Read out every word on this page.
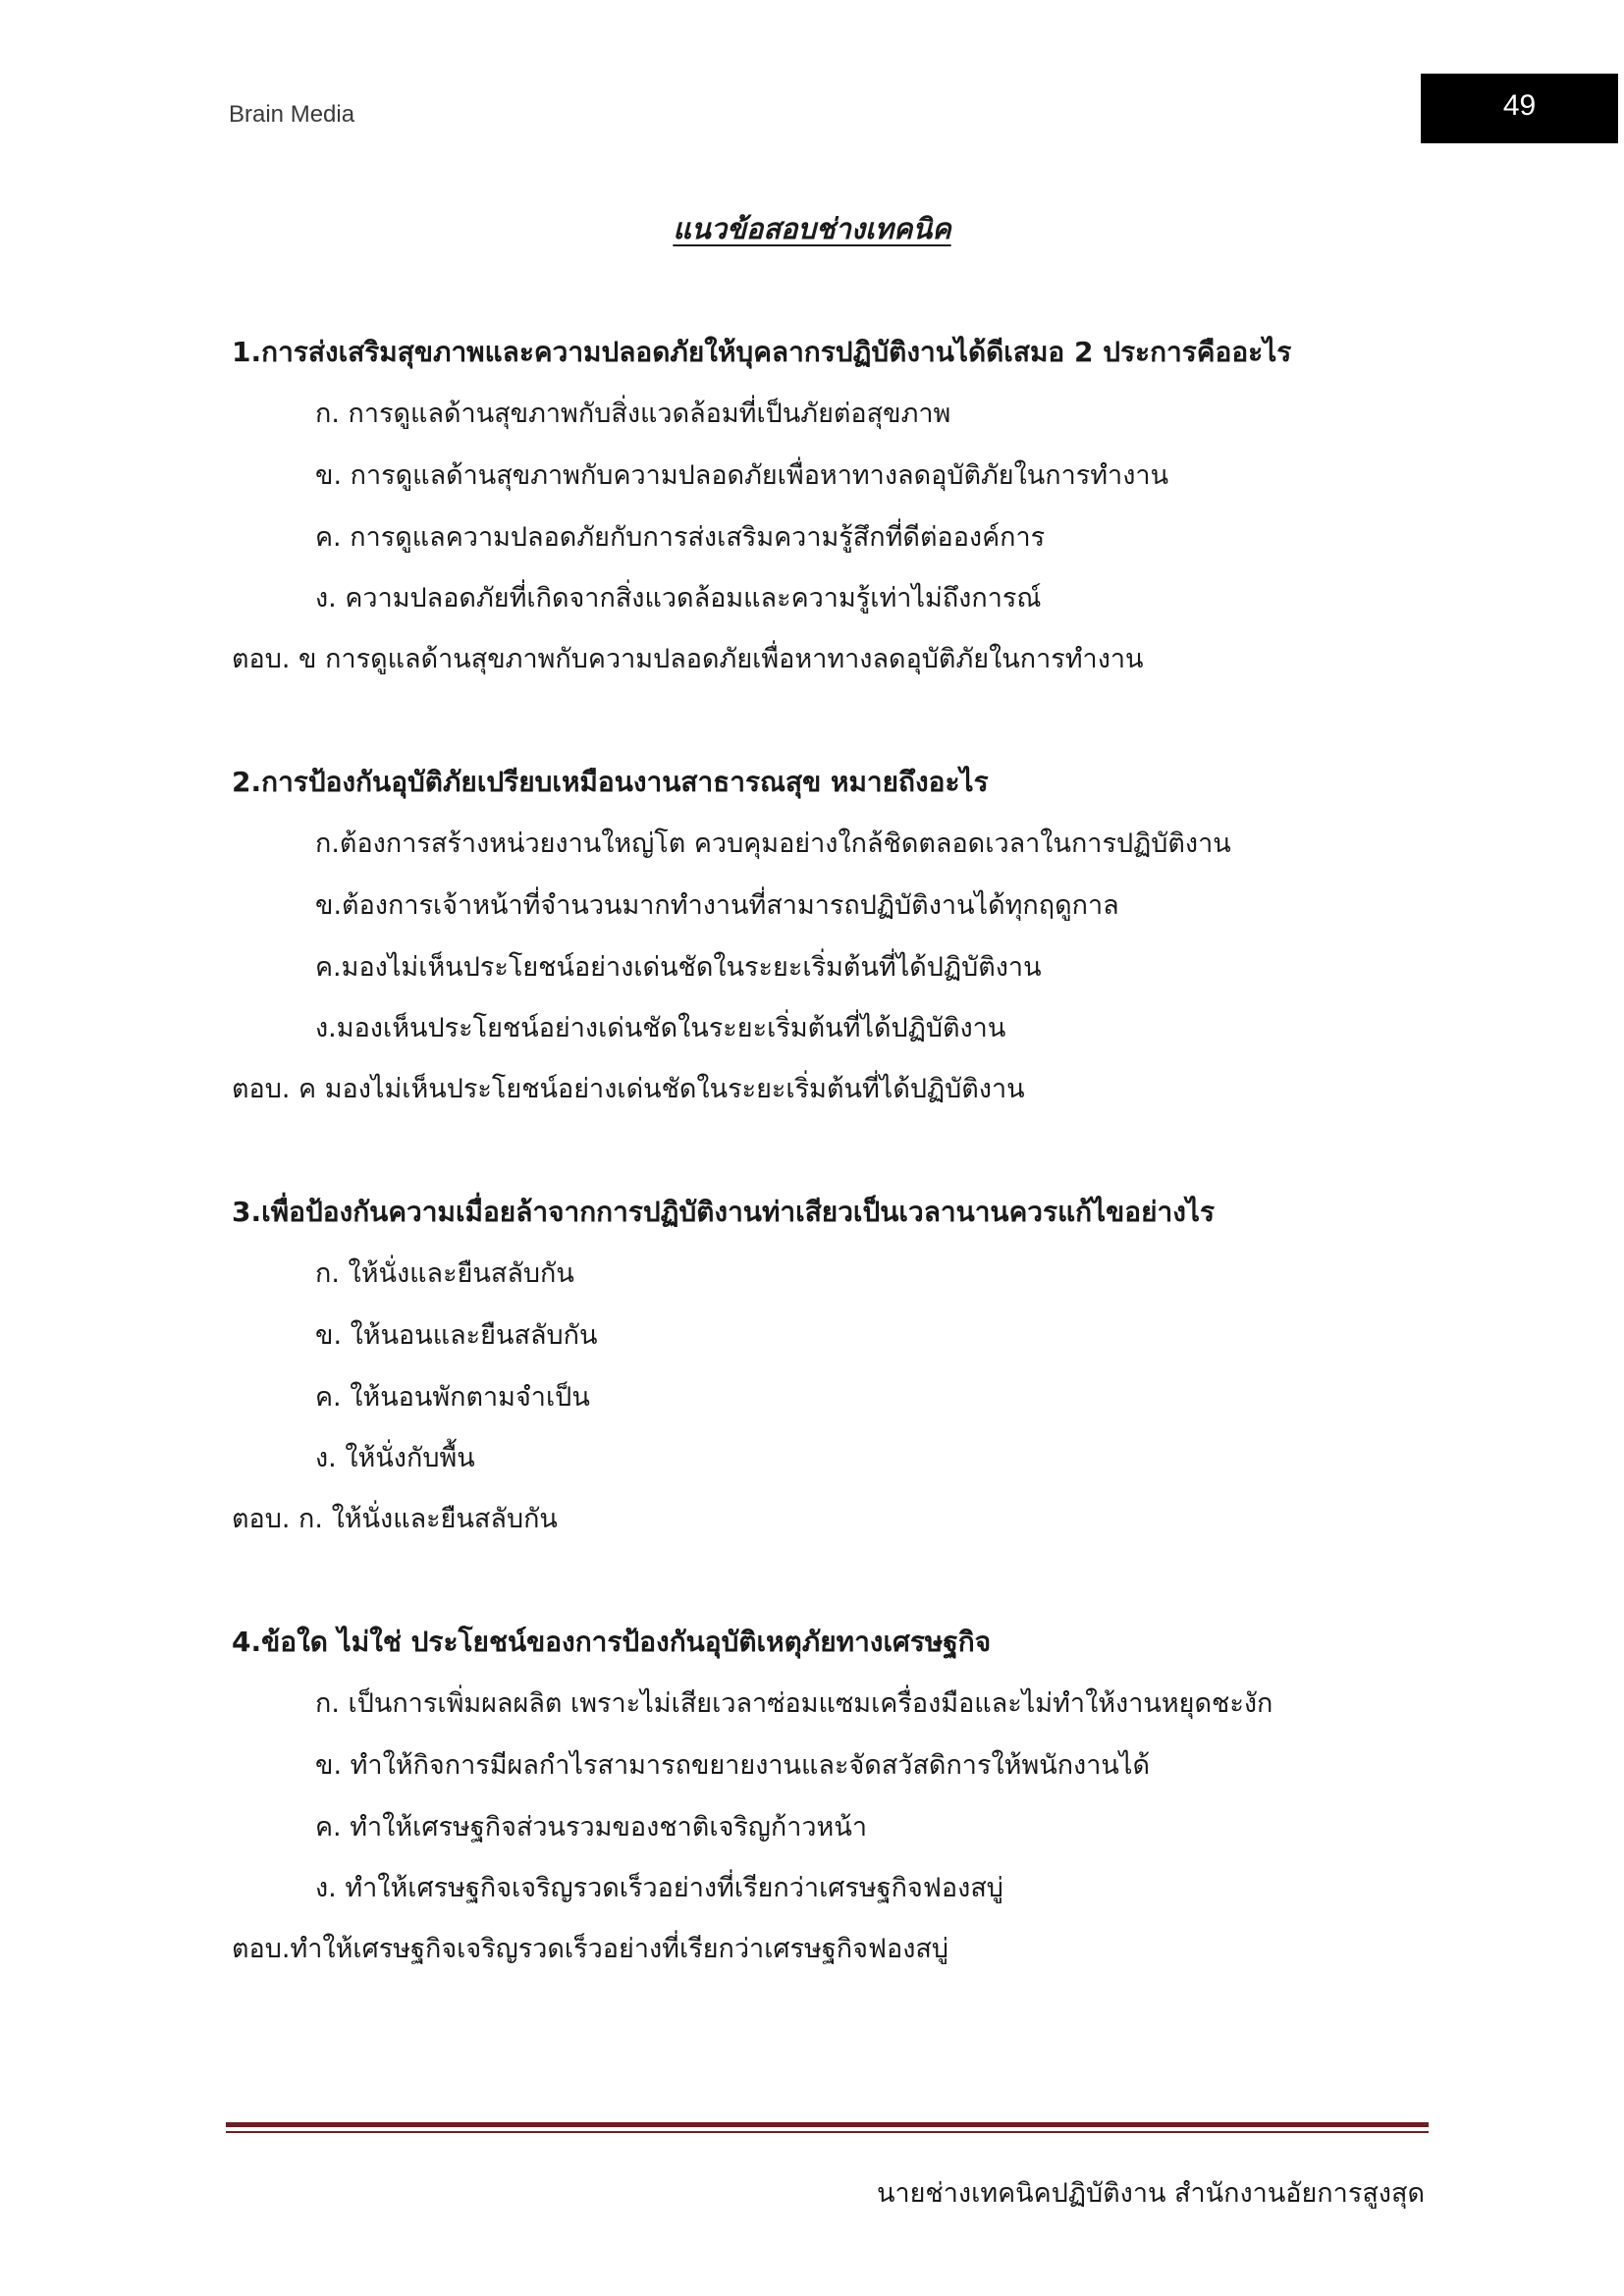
Brain Media	49
แนวข้อสอบช่างเทคนิค
1.การส่งเสริมสุขภาพและความปลอดภัยให้บุคลากรปฏิบัติงานได้ดีเสมอ 2 ประการคืออะไร
ก. การดูแลด้านสุขภาพกับสิ่งแวดล้อมที่เป็นภัยต่อสุขภาพ
ข. การดูแลด้านสุขภาพกับความปลอดภัยเพื่อหาทางลดอุบัติภัยในการทำงาน
ค. การดูแลความปลอดภัยกับการส่งเสริมความรู้สึกที่ดีต่อองค์การ
ง. ความปลอดภัยที่เกิดจากสิ่งแวดล้อมและความรู้เท่าไม่ถึงการณ์
ตอบ. ข การดูแลด้านสุขภาพกับความปลอดภัยเพื่อหาทางลดอุบัติภัยในการทำงาน
2.การป้องกันอุบัติภัยเปรียบเหมือนงานสาธารณสุข หมายถึงอะไร
ก.ต้องการสร้างหน่วยงานใหญ่โต ควบคุมอย่างใกล้ชิดตลอดเวลาในการปฏิบัติงาน
ข.ต้องการเจ้าหน้าที่จำนวนมากทำงานที่สามารถปฏิบัติงานได้ทุกฤดูกาล
ค.มองไม่เห็นประโยชน์อย่างเด่นชัดในระยะเริ่มต้นที่ได้ปฏิบัติงาน
ง.มองเห็นประโยชน์อย่างเด่นชัดในระยะเริ่มต้นที่ได้ปฏิบัติงาน
ตอบ. ค มองไม่เห็นประโยชน์อย่างเด่นชัดในระยะเริ่มต้นที่ได้ปฏิบัติงาน
3.เพื่อป้องกันความเมื่อยล้าจากการปฏิบัติงานท่าเสียวเป็นเวลานานควรแก้ไขอย่างไร
ก. ให้นั่งและยืนสลับกัน
ข. ให้นอนและยืนสลับกัน
ค. ให้นอนพักตามจำเป็น
ง. ให้นั่งกับพื้น
ตอบ. ก. ให้นั่งและยืนสลับกัน
4.ข้อใด ไม่ใช่ ประโยชน์ของการป้องกันอุบัติเหตุภัยทางเศรษฐกิจ
ก. เป็นการเพิ่มผลผลิต เพราะไม่เสียเวลาซ่อมแซมเครื่องมือและไม่ทำให้งานหยุดชะงัก
ข. ทำให้กิจการมีผลกำไรสามารถขยายงานและจัดสวัสดิการให้พนักงานได้
ค. ทำให้เศรษฐกิจส่วนรวมของชาติเจริญก้าวหน้า
ง. ทำให้เศรษฐกิจเจริญรวดเร็วอย่างที่เรียกว่าเศรษฐกิจฟองสบู่
ตอบ.ทำให้เศรษฐกิจเจริญรวดเร็วอย่างที่เรียกว่าเศรษฐกิจฟองสบู่
นายช่างเทคนิคปฏิบัติงาน สำนักงานอัยการสูงสุด
